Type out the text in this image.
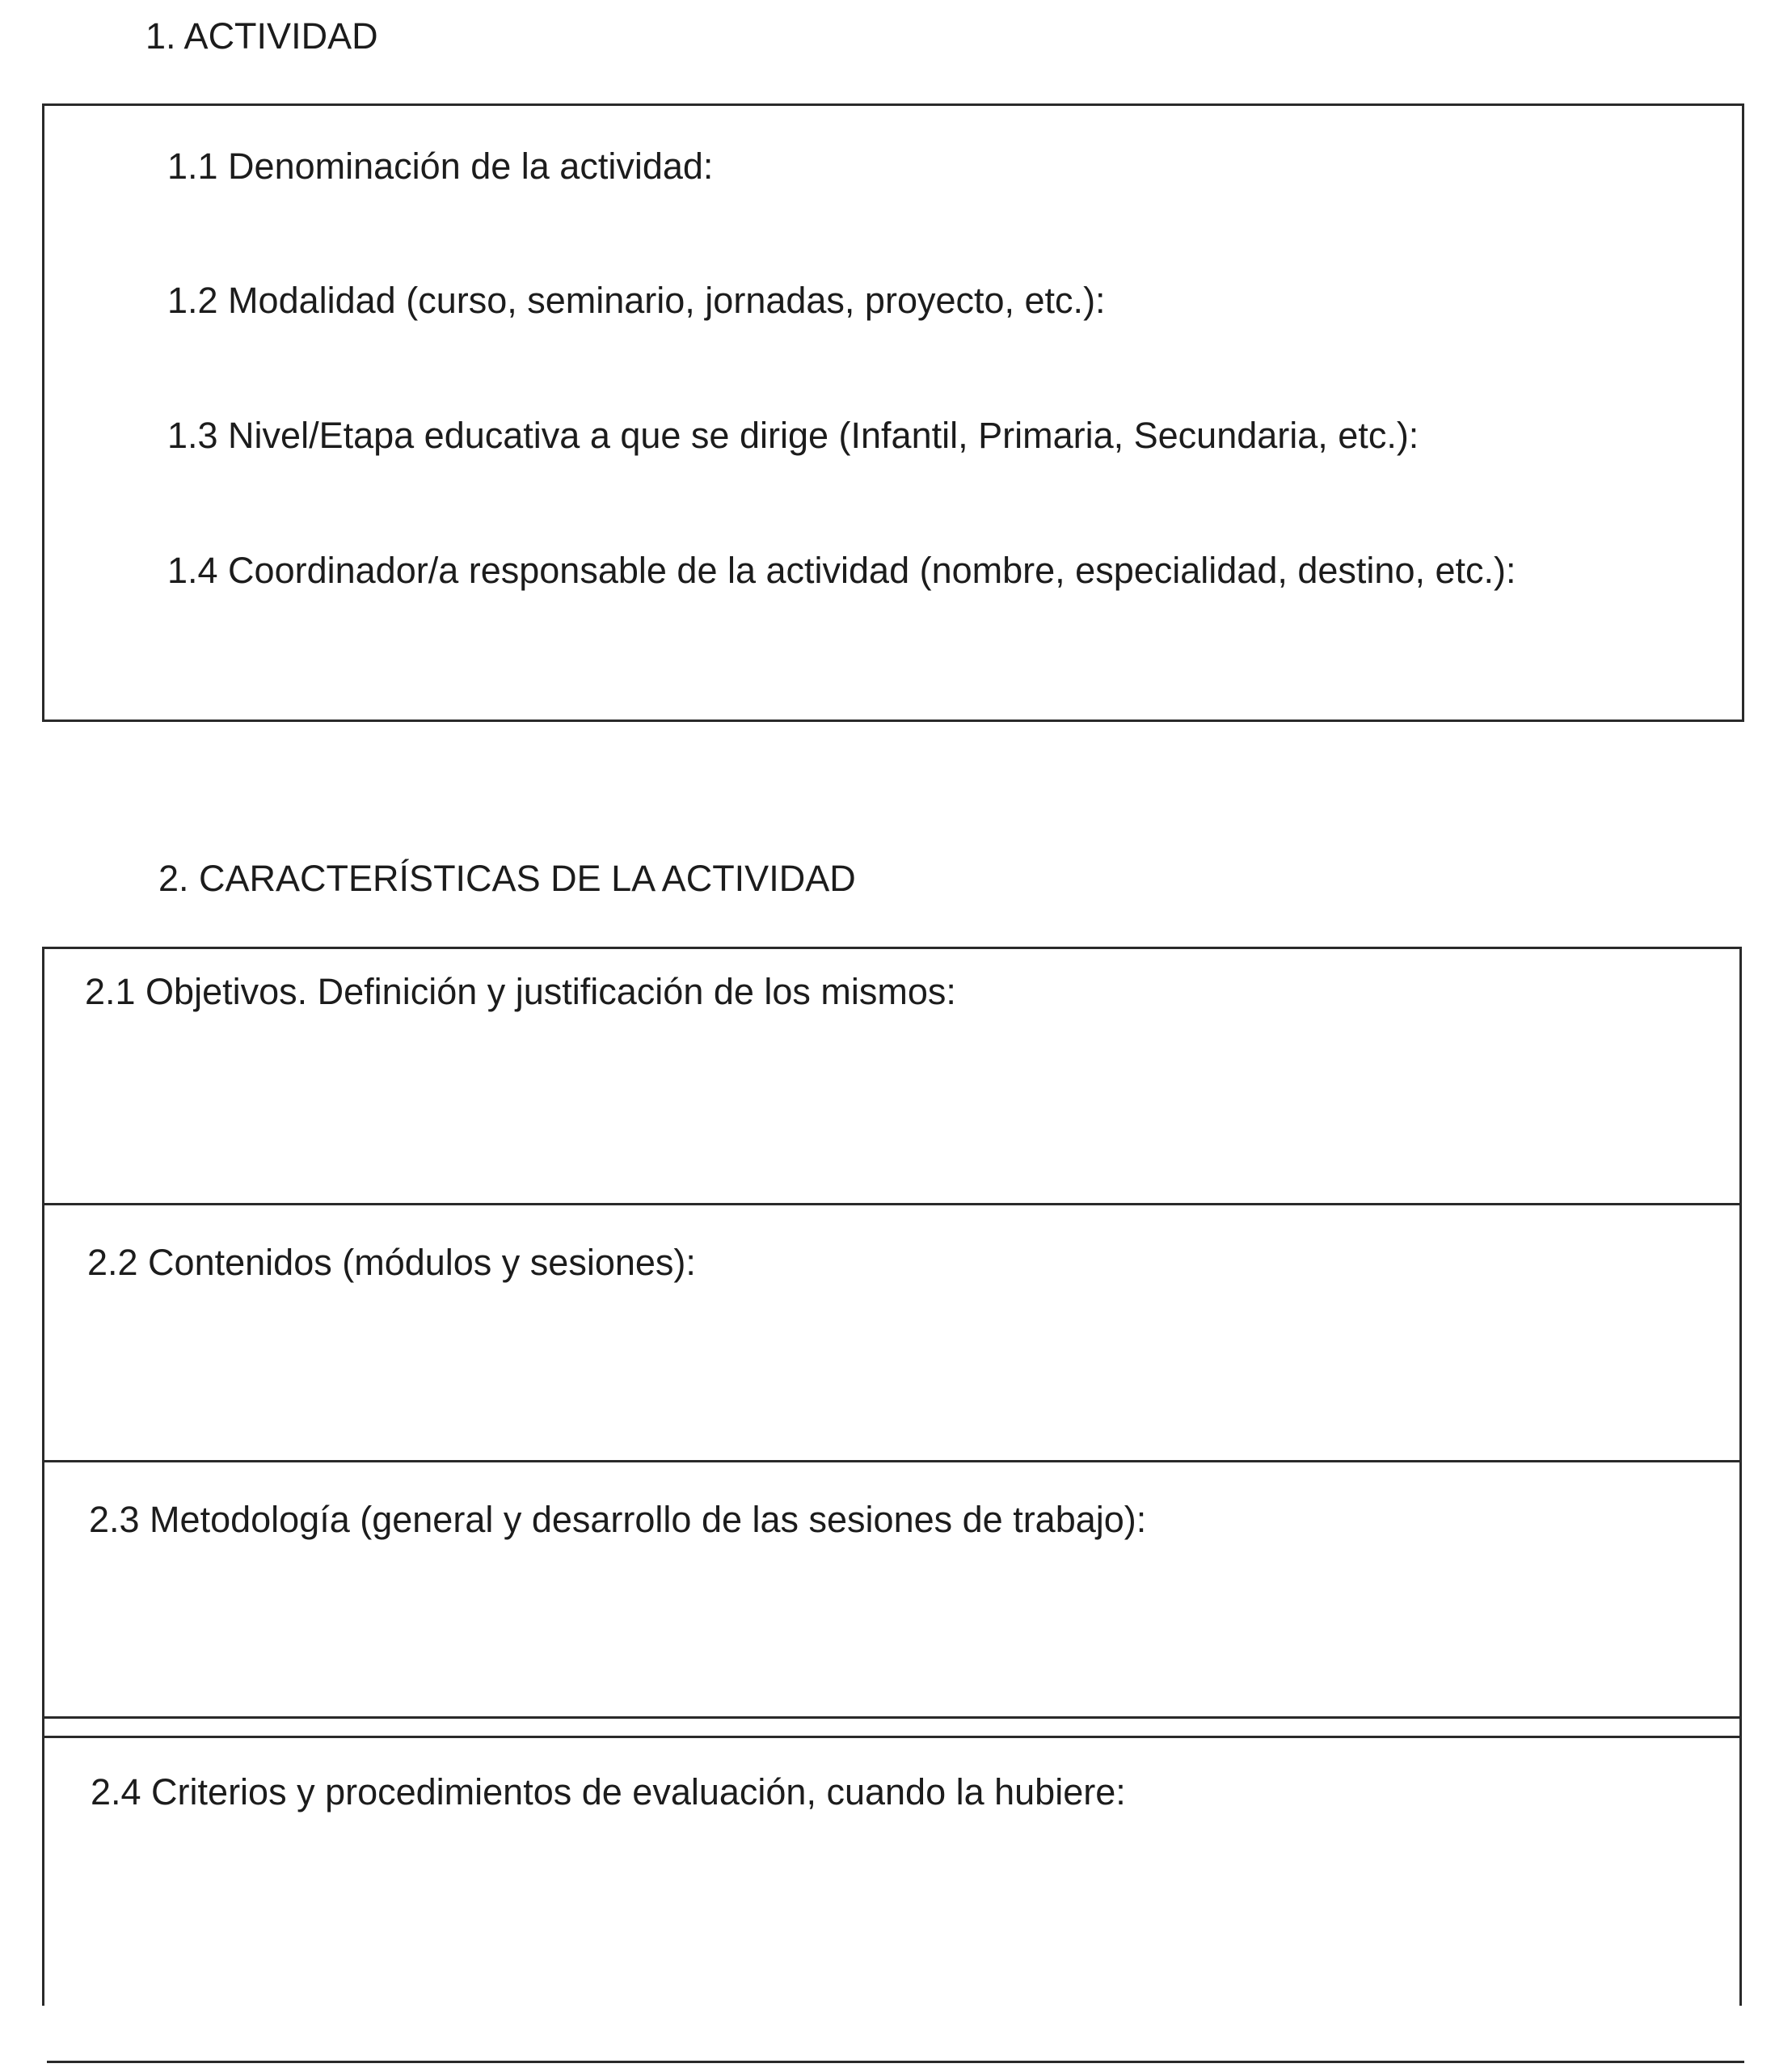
1. ACTIVIDAD
1.1 Denominación de la actividad:
1.2 Modalidad (curso, seminario, jornadas, proyecto, etc.):
1.3 Nivel/Etapa educativa a que se dirige (Infantil, Primaria, Secundaria, etc.):
1.4 Coordinador/a responsable de la actividad (nombre, especialidad, destino, etc.):
2. CARACTERÍSTICAS DE LA ACTIVIDAD
2.1 Objetivos. Definición y justificación de los mismos:
2.2 Contenidos (módulos y sesiones):
2.3 Metodología (general y desarrollo de las sesiones de trabajo):
2.4 Criterios y procedimientos de evaluación, cuando la hubiere:
